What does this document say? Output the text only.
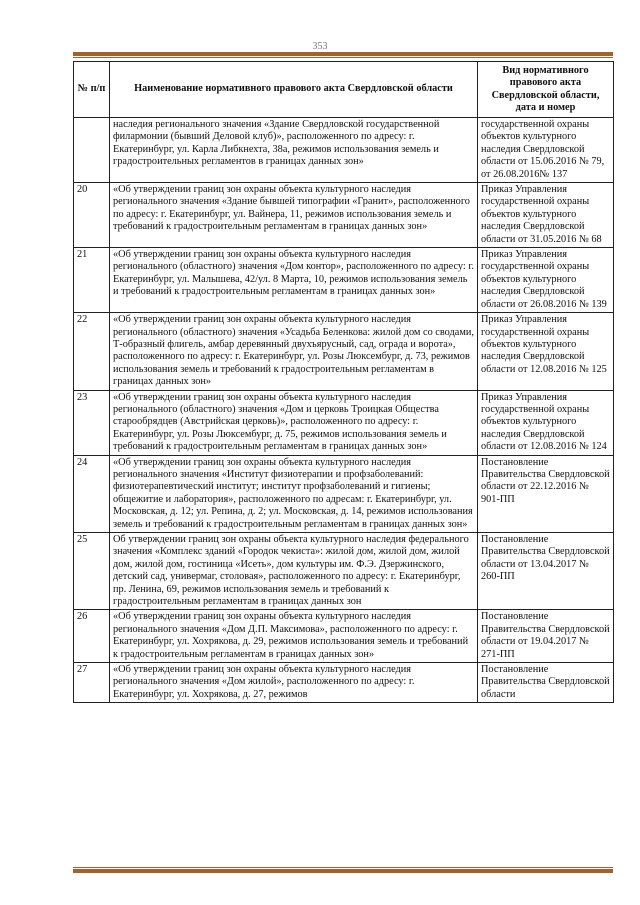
353
№ п/п	Наименование нормативного правового акта Свердловской области	Вид нормативного правового акта Свердловской области, дата и номер
	наследия регионального значения «Здание Свердловской государственной филармонии (бывший Деловой клуб)», расположенного по адресу: г. Екатеринбург, ул. Карла Либкнехта, 38а, режимов использования земель и градостроительных регламентов в границах данных зон»	государственной охраны объектов культурного наследия Свердловской области от 15.06.2016 № 79, от 26.08.2016№ 137
20	«Об утверждении границ зон охраны объекта культурного наследия регионального значения «Здание бывшей типографии «Гранит», расположенного по адресу: г. Екатеринбург, ул. Вайнера, 11, режимов использования земель и требований к градостроительным регламентам в границах данных зон»	Приказ Управления государственной охраны объектов культурного наследия Свердловской области от 31.05.2016 № 68
21	«Об утверждении границ зон охраны объекта культурного наследия регионального (областного) значения «Дом контор», расположенного по адресу: г. Екатеринбург, ул. Малышева, 42/ул. 8 Марта, 10, режимов использования земель и требований к градостроительным регламентам в границах данных зон»	Приказ Управления государственной охраны объектов культурного наследия Свердловской области от 26.08.2016 № 139
22	«Об утверждении границ зон охраны объекта культурного наследия регионального (областного) значения «Усадьба Беленкова: жилой дом со сводами, Т-образный флигель, амбар деревянный двухъярусный, сад, ограда и ворота», расположенного по адресу: г. Екатеринбург, ул. Розы Люксембург, д. 73, режимов использования земель и требований к градостроительным регламентам в границах данных зон»	Приказ Управления государственной охраны объектов культурного наследия Свердловской области от 12.08.2016 № 125
23	«Об утверждении границ зон охраны объекта культурного наследия регионального (областного) значения «Дом и церковь Троицкая Общества старообрядцев (Австрийская церковь)», расположенного по адресу: г. Екатеринбург, ул. Розы Люксембург, д. 75, режимов использования земель и требований к градостроительным регламентам в границах данных зон»	Приказ Управления государственной охраны объектов культурного наследия Свердловской области от 12.08.2016 № 124
24	«Об утверждении границ зон охраны объекта культурного наследия регионального значения «Институт физиотерапии и профзаболеваний: физиотерапевтический институт; институт профзаболеваний и гигиены; общежитие и лаборатория», расположенного по адресам: г. Екатеринбург, ул. Московская, д. 12; ул. Репина, д. 2; ул. Московская, д. 14, режимов использования земель и требований к градостроительным регламентам в границах данных зон»	Постановление Правительства Свердловской области от 22.12.2016 № 901-ПП
25	Об утверждении границ зон охраны объекта культурного наследия федерального значения «Комплекс зданий «Городок чекиста»: жилой дом, жилой дом, жилой дом, жилой дом, гостиница «Исеть», дом культуры им. Ф.Э. Дзержинского, детский сад, универмаг, столовая», расположенного по адресу: г. Екатеринбург, пр. Ленина, 69, режимов использования земель и требований к градостроительным регламентам в границах данных зон	Постановление Правительства Свердловской области от 13.04.2017 № 260-ПП
26	«Об утверждении границ зон охраны объекта культурного наследия регионального значения «Дом Д.П. Максимова», расположенного по адресу: г. Екатеринбург, ул. Хохрякова, д. 29, режимов использования земель и требований к градостроительным регламентам в границах данных зон»	Постановление Правительства Свердловской области от 19.04.2017 № 271-ПП
27	«Об утверждении границ зон охраны объекта культурного наследия регионального значения «Дом жилой», расположенного по адресу: г. Екатеринбург, ул. Хохрякова, д. 27, режимов	Постановление Правительства Свердловской области
